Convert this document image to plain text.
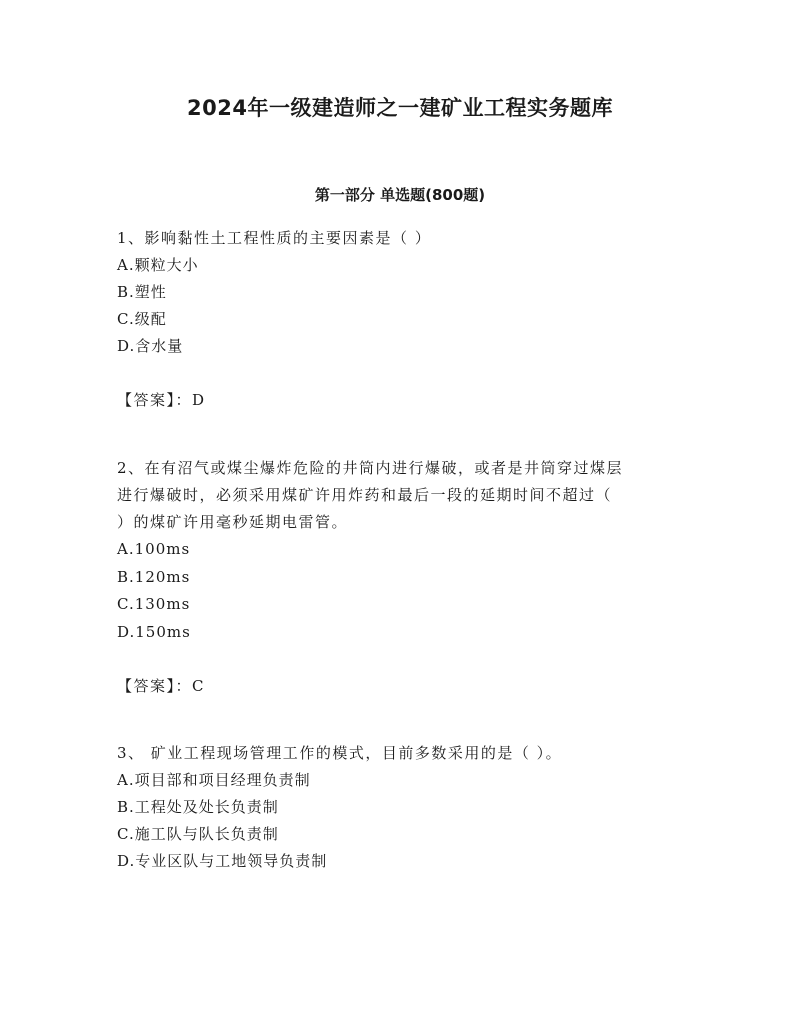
2024年一级建造师之一建矿业工程实务题库
第一部分 单选题(800题)
1、影响黏性土工程性质的主要因素是（ ）
A.颗粒大小
B.塑性
C.级配
D.含水量
【答案】：D
2、在有沼气或煤尘爆炸危险的井筒内进行爆破，或者是井筒穿过煤层
进行爆破时，必须采用煤矿许用炸药和最后一段的延期时间不超过（
）的煤矿许用毫秒延期电雷管。
A.100ms
B.120ms
C.130ms
D.150ms
【答案】：C
3、 矿业工程现场管理工作的模式，目前多数采用的是（ ）。
A.项目部和项目经理负责制
B.工程处及处长负责制
C.施工队与队长负责制
D.专业区队与工地领导负责制
